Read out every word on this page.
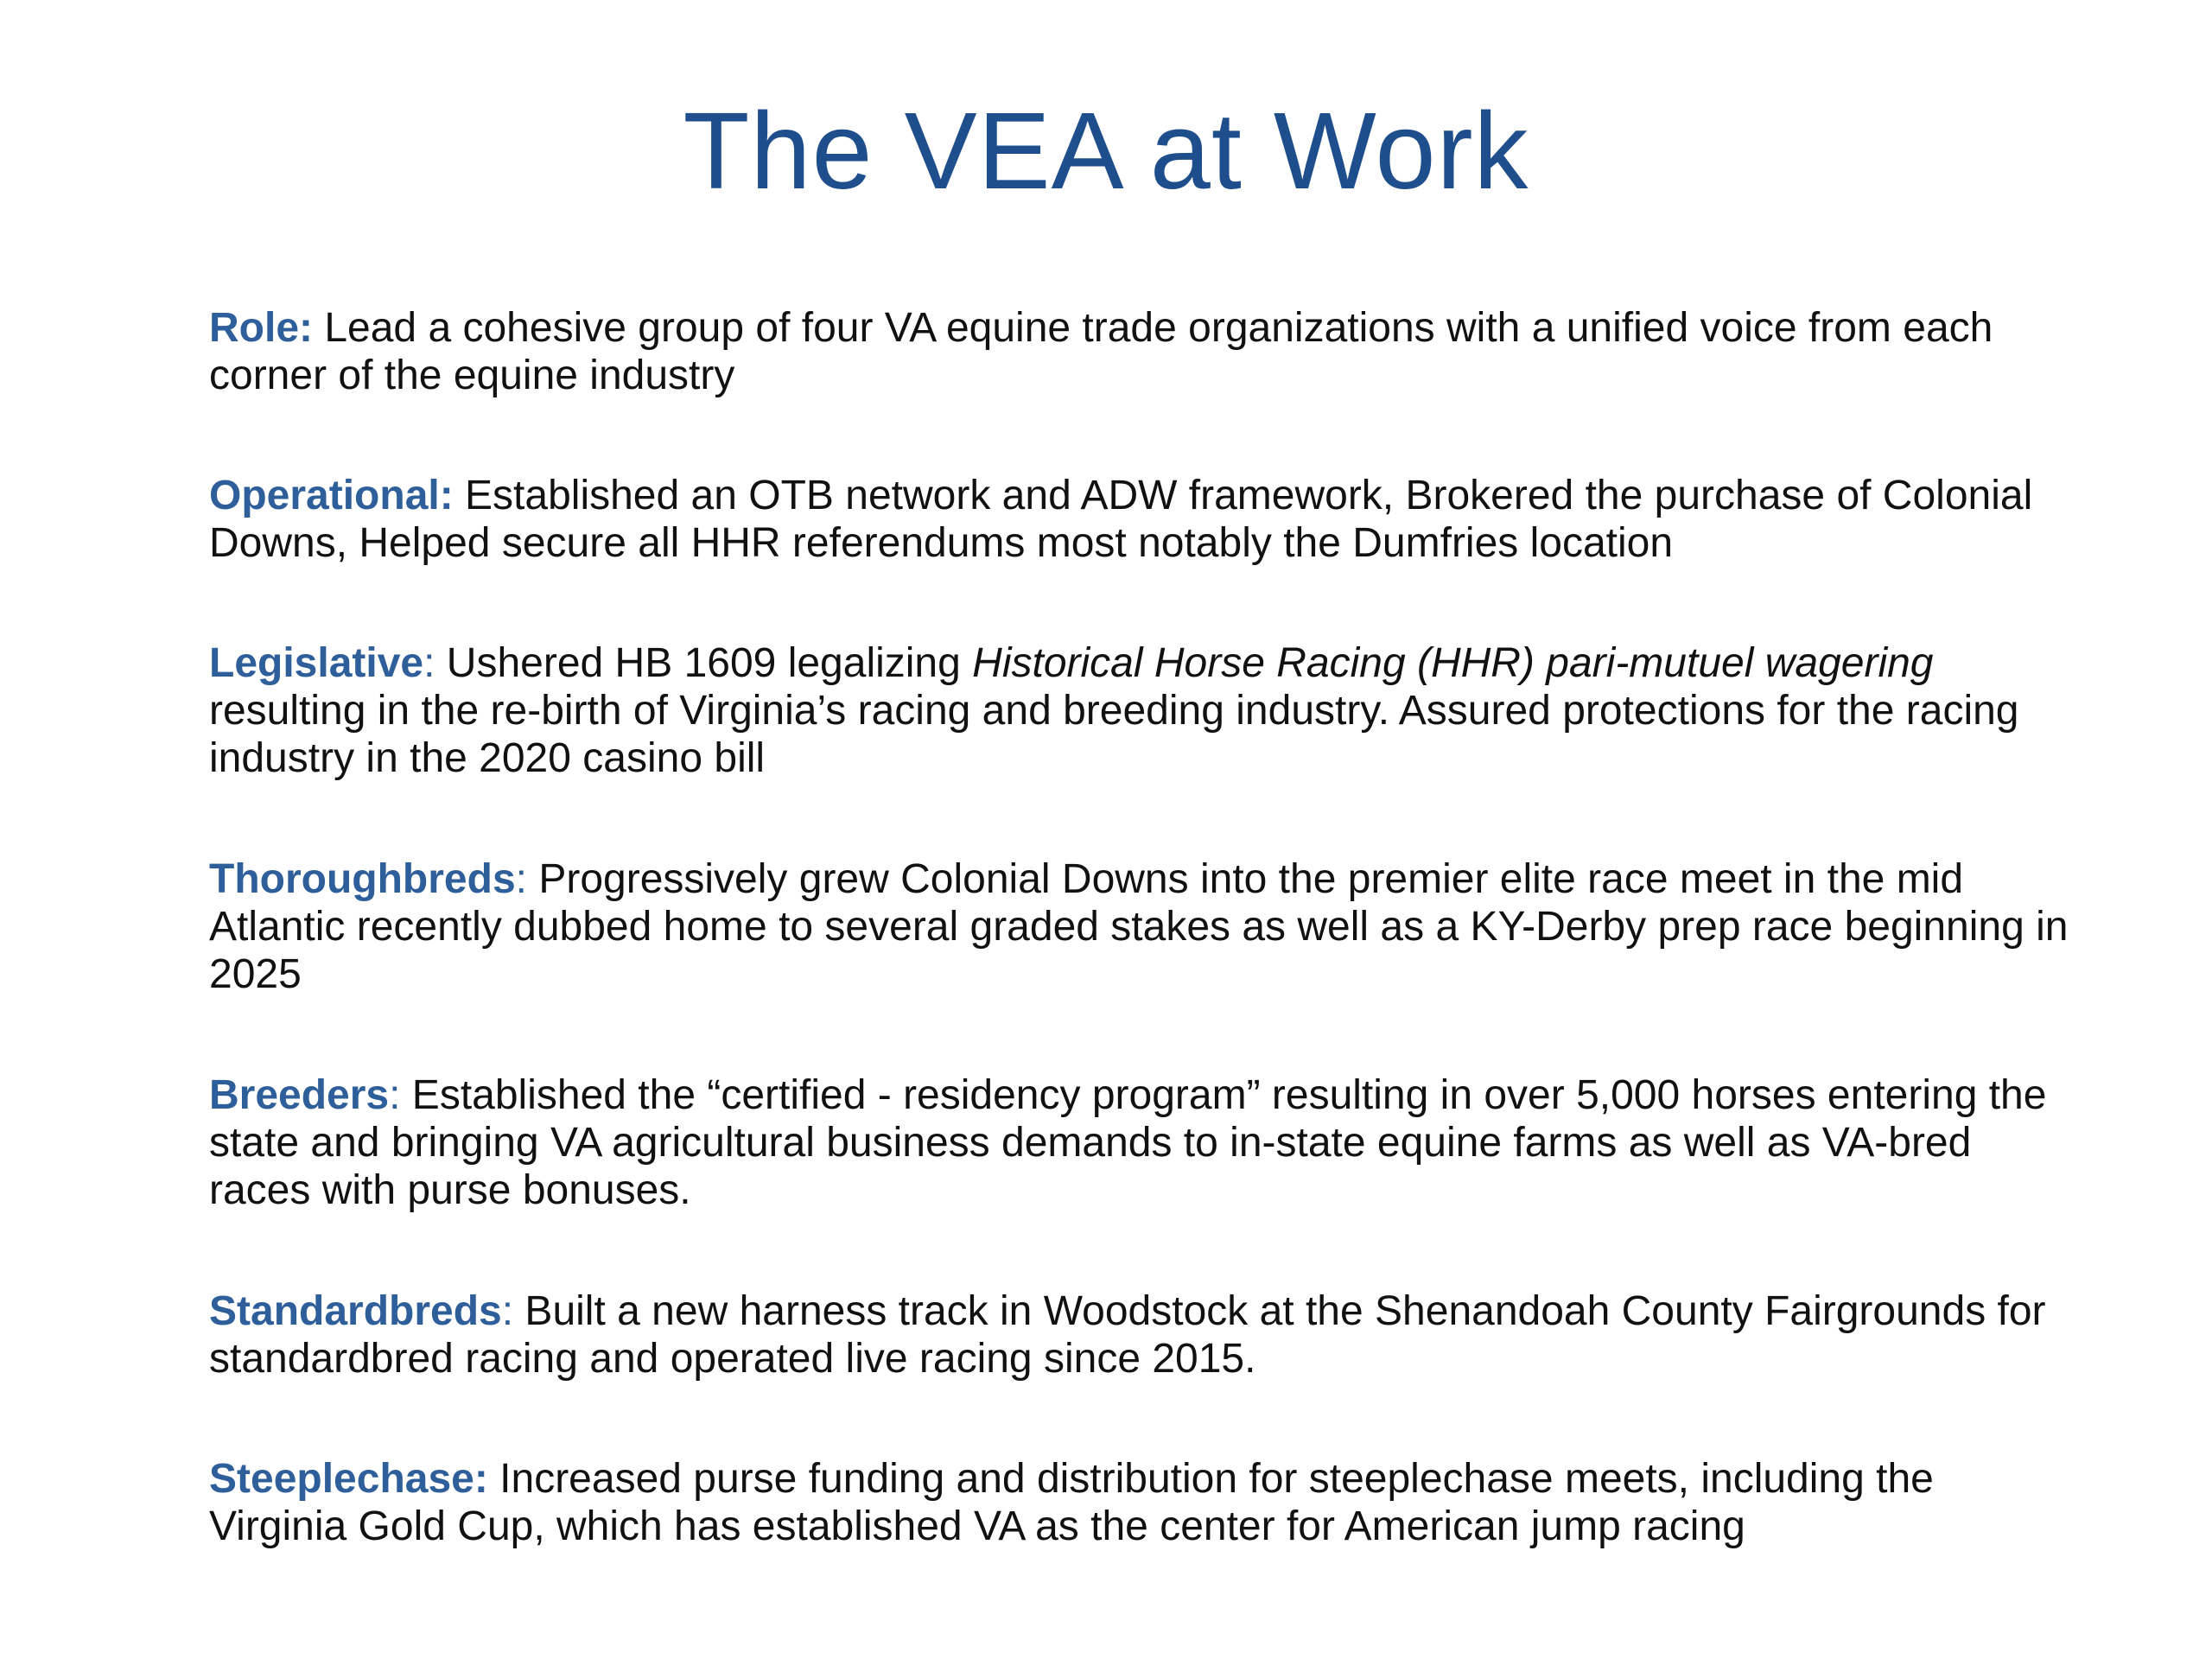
The VEA at Work

Role: Lead a cohesive group of four VA equine trade organizations with a unified voice from each corner of the equine industry

Operational: Established an OTB network and ADW framework, Brokered the purchase of Colonial Downs, Helped secure all HHR referendums most notably the Dumfries location

Legislative: Ushered HB 1609 legalizing Historical Horse Racing (HHR) pari-mutuel wagering resulting in the re-birth of Virginia’s racing and breeding industry. Assured protections for the racing industry in the 2020 casino bill

Thoroughbreds: Progressively grew Colonial Downs into the premier elite race meet in the mid Atlantic recently dubbed home to several graded stakes as well as a KY-Derby prep race beginning in 2025

Breeders: Established the “certified - residency program” resulting in over 5,000 horses entering the state and bringing VA agricultural business demands to in-state equine farms as well as VA-bred races with purse bonuses.

Standardbreds: Built a new harness track in Woodstock at the Shenandoah County Fairgrounds for standardbred racing and operated live racing since 2015.

Steeplechase: Increased purse funding and distribution for steeplechase meets, including the Virginia Gold Cup, which has established VA as the center for American jump racing
